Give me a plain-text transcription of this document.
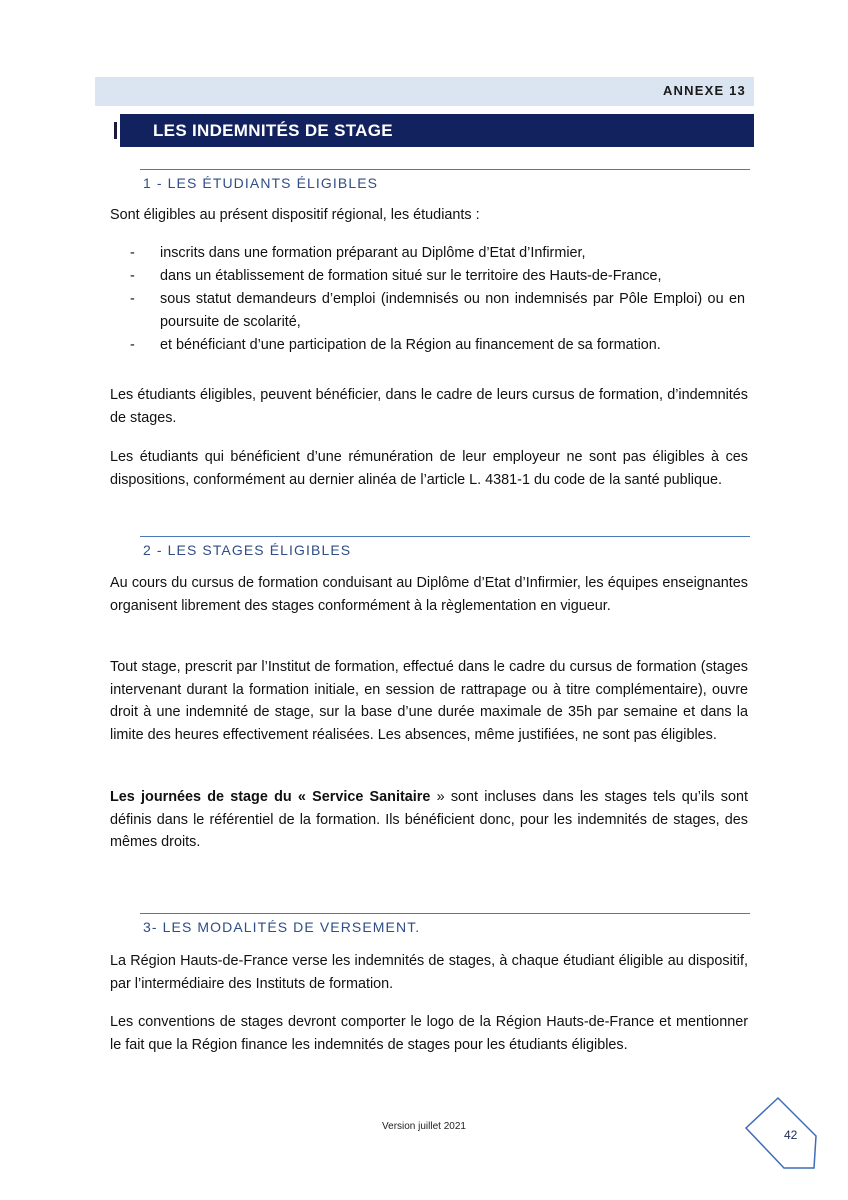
ANNEXE 13
LES INDEMNITÉS DE STAGE
I
1 - LES ÉTUDIANTS ÉLIGIBLES

Sont éligibles au présent dispositif régional, les étudiants :

- inscrits dans une formation préparant au Diplôme d’Etat d’Infirmier,
- dans un établissement de formation situé sur le territoire des Hauts-de-France,
- sous statut demandeurs d’emploi (indemnisés ou non indemnisés par Pôle Emploi) ou en poursuite de scolarité,
- et bénéficiant d’une participation de la Région au financement de sa formation.

Les étudiants éligibles, peuvent bénéficier, dans le cadre de leurs cursus de formation, d’indemnités de stages.

Les étudiants qui bénéficient d’une rémunération de leur employeur ne sont pas éligibles à ces dispositions, conformément au dernier alinéa de l’article L. 4381-1 du code de la santé publique.

2 - LES STAGES ÉLIGIBLES

Au cours du cursus de formation conduisant au Diplôme d’Etat d’Infirmier, les équipes enseignantes organisent librement des stages conformément à la règlementation en vigueur.

Tout stage, prescrit par l’Institut de formation, effectué dans le cadre du cursus de formation (stages intervenant durant la formation initiale, en session de rattrapage ou à titre complémentaire), ouvre droit à une indemnité de stage, sur la base d’une durée maximale de 35h par semaine et dans la limite des heures effectivement réalisées. Les absences, même justifiées, ne sont pas éligibles.

Les journées de stage du « Service Sanitaire » sont incluses dans les stages tels qu’ils sont définis dans le référentiel de la formation. Ils bénéficient donc, pour les indemnités de stages, des mêmes droits.

3- LES MODALITÉS DE VERSEMENT.

La Région Hauts-de-France verse les indemnités de stages, à chaque étudiant éligible au dispositif, par l’intermédiaire des Instituts de formation.

Les conventions de stages devront comporter le logo de la Région Hauts-de-France et mentionner le fait que la Région finance les indemnités de stages pour les étudiants éligibles.

Version juillet 2021
42
